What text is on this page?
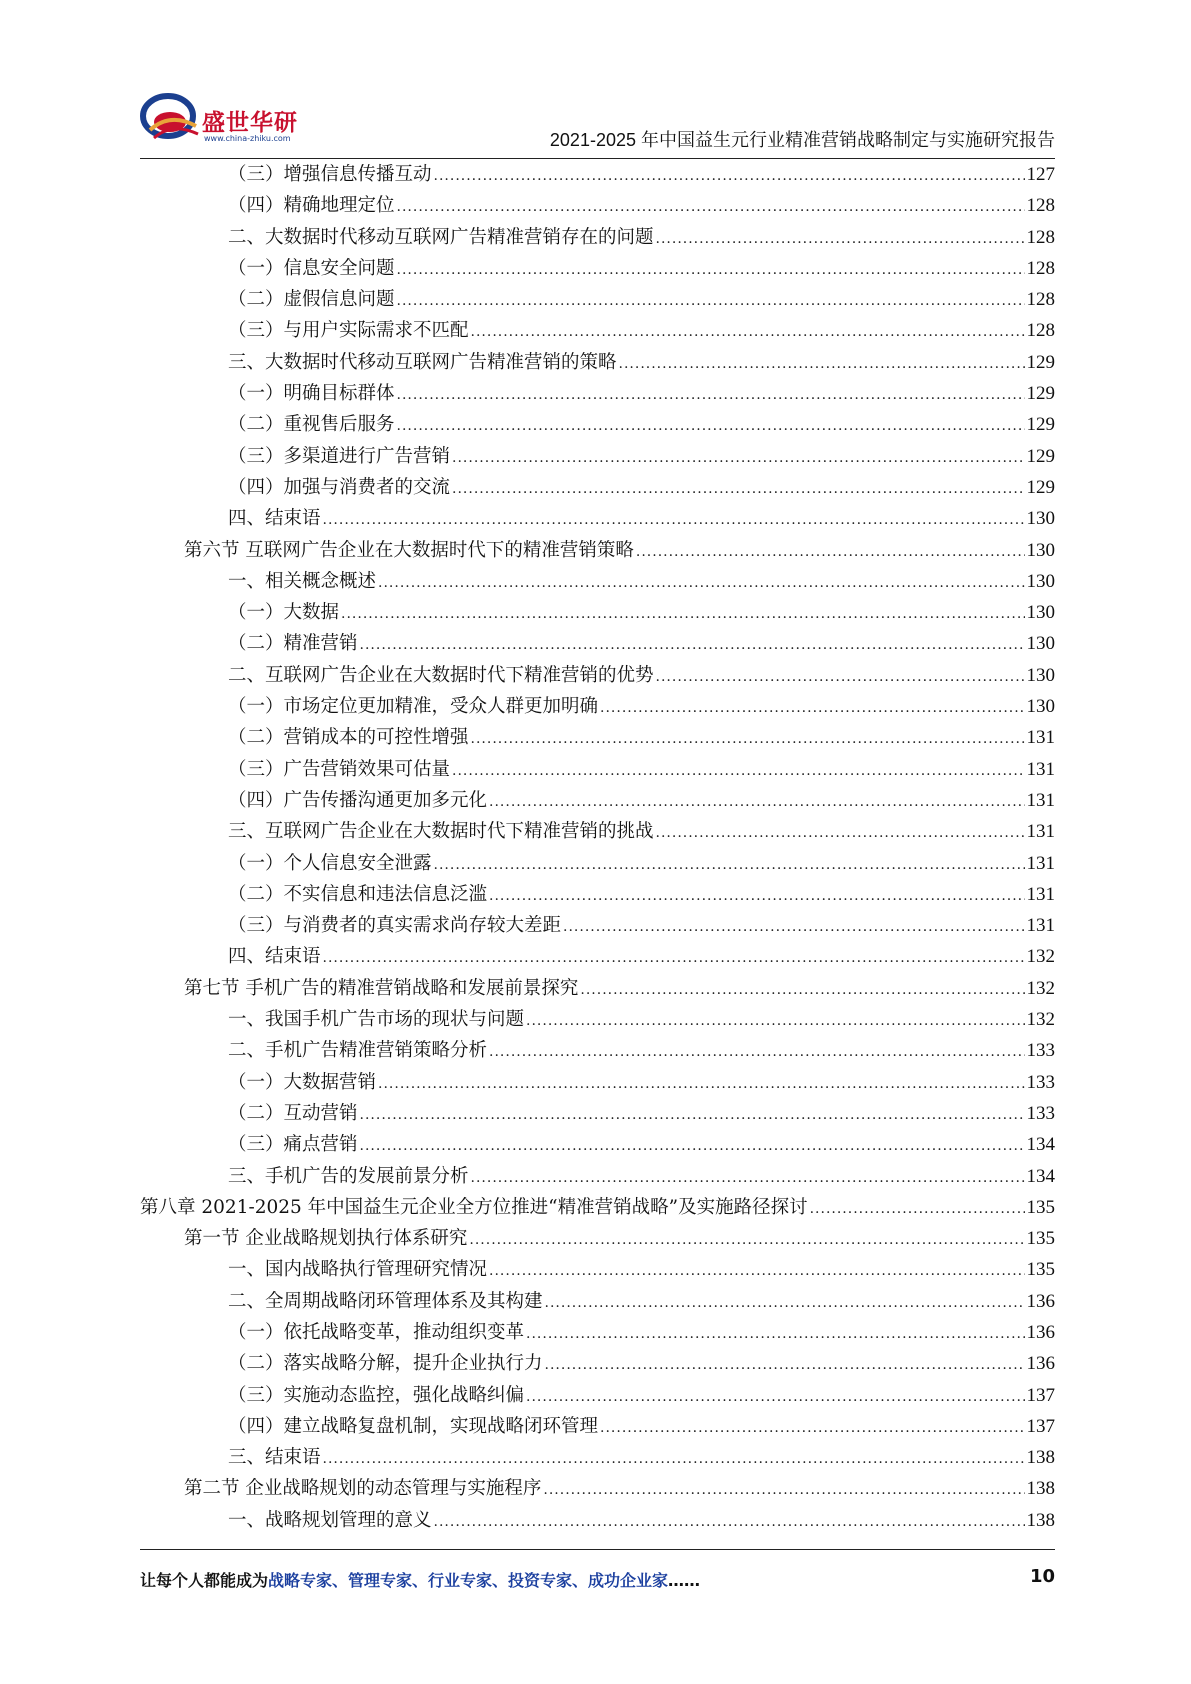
盛世华研
www.china-zhiku.com	2021-2025 年中国益生元行业精准营销战略制定与实施研究报告
（三）增强信息传播互动 .....	127
（四）精确地理定位 .....	128
二、大数据时代移动互联网广告精准营销存在的问题 .....	128
（一）信息安全问题 .....	128
（二）虚假信息问题 .....	128
（三）与用户实际需求不匹配 .....	128
三、大数据时代移动互联网广告精准营销的策略 .....	129
（一）明确目标群体 .....	129
（二）重视售后服务 .....	129
（三）多渠道进行广告营销 .....	129
（四）加强与消费者的交流 .....	129
四、结束语 .....	130
第六节 互联网广告企业在大数据时代下的精准营销策略 .....	130
一、相关概念概述 .....	130
（一）大数据 .....	130
（二）精准营销 .....	130
二、互联网广告企业在大数据时代下精准营销的优势 .....	130
（一）市场定位更加精准，受众人群更加明确 .....	130
（二）营销成本的可控性增强 .....	131
（三）广告营销效果可估量 .....	131
（四）广告传播沟通更加多元化 .....	131
三、互联网广告企业在大数据时代下精准营销的挑战 .....	131
（一）个人信息安全泄露 .....	131
（二）不实信息和违法信息泛滥 .....	131
（三）与消费者的真实需求尚存较大差距 .....	131
四、结束语 .....	132
第七节 手机广告的精准营销战略和发展前景探究 .....	132
一、我国手机广告市场的现状与问题 .....	132
二、手机广告精准营销策略分析 .....	133
（一）大数据营销 .....	133
（二）互动营销 .....	133
（三）痛点营销 .....	134
三、手机广告的发展前景分析 .....	134
第八章 2021-2025 年中国益生元企业全方位推进“精准营销战略”及实施路径探讨 .....	135
第一节 企业战略规划执行体系研究 .....	135
一、国内战略执行管理研究情况 .....	135
二、全周期战略闭环管理体系及其构建 .....	136
（一）依托战略变革，推动组织变革 .....	136
（二）落实战略分解，提升企业执行力 .....	136
（三）实施动态监控，强化战略纠偏 .....	137
（四）建立战略复盘机制，实现战略闭环管理 .....	137
三、结束语 .....	138
第二节 企业战略规划的动态管理与实施程序 .....	138
一、战略规划管理的意义 .....	138
让每个人都能成为战略专家、管理专家、行业专家、投资专家、成功企业家……	10
